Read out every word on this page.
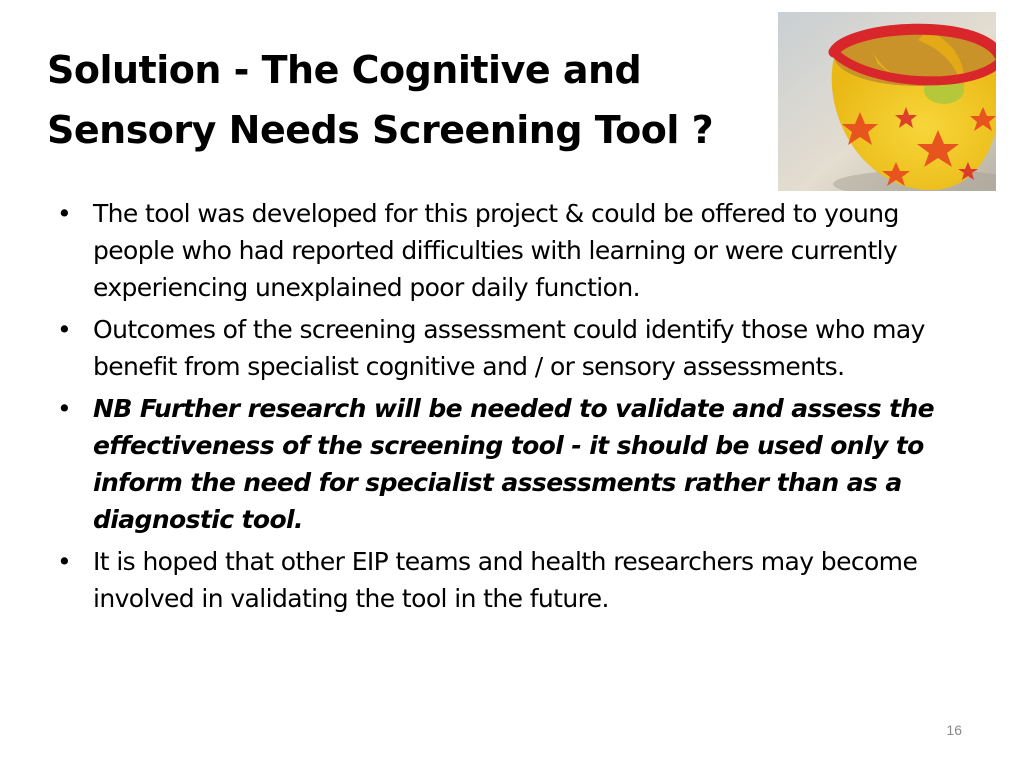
Solution - The Cognitive and
Sensory Needs Screening Tool ?
• The tool was developed for this project & could be offered to young people who had reported difficulties with learning or were currently experiencing unexplained poor daily function.
• Outcomes of the screening assessment could identify those who may benefit from specialist cognitive and / or sensory assessments.
• NB Further research will be needed to validate and assess the effectiveness of the screening tool - it should be used only to inform the need for specialist assessments rather than as a diagnostic tool.
• It is hoped that other EIP teams and health researchers may become involved in validating the tool in the future.
16
